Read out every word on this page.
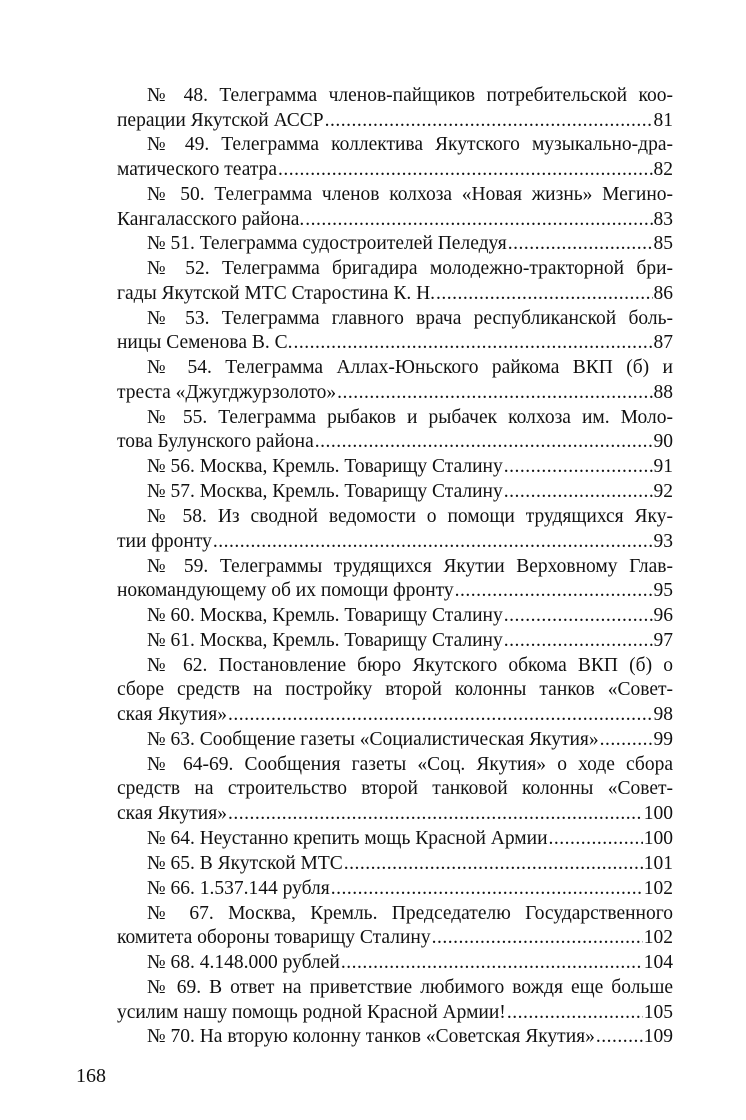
№ 48. Телеграмма членов-пайщиков потребительской коо-
перации Якутской АССР .....	81
№ 49. Телеграмма коллектива Якутского музыкально-дра-
матического театра .....	82
№ 50. Телеграмма членов колхоза «Новая жизнь» Мегино-
Кангаласского района. .....	83
№ 51. Телеграмма судостроителей Пеледуя .....	85
№ 52. Телеграмма бригадира молодежно-тракторной бри-
гады Якутской МТС Старостина К. Н. .....	86
№ 53. Телеграмма главного врача республиканской боль-
ницы Семенова В. С. .....	87
№ 54. Телеграмма Аллах-Юньского райкома ВКП (б) и
треста «Джугджурзолото» .....	88
№ 55. Телеграмма рыбаков и рыбачек колхоза им. Моло-
това Булунского района .....	90
№ 56. Москва, Кремль. Товарищу Сталину .....	91
№ 57. Москва, Кремль. Товарищу Сталину .....	92
№ 58. Из сводной ведомости о помощи трудящихся Яку-
тии фронту .....	93
№ 59. Телеграммы трудящихся Якутии Верховному Глав-
нокомандующему об их помощи фронту .....	95
№ 60. Москва, Кремль. Товарищу Сталину .....	96
№ 61. Москва, Кремль. Товарищу Сталину .....	97
№ 62. Постановление бюро Якутского обкома ВКП (б) о
сборе средств на постройку второй колонны танков «Совет-
ская Якутия» .....	98
№ 63. Сообщение газеты «Социалистическая Якутия» .....	99
№ 64-69. Сообщения газеты «Соц. Якутия» о ходе сбора
средств на строительство второй танковой колонны «Совет-
ская Якутия» .....	100
№ 64. Неустанно крепить мощь Красной Армии .....	100
№ 65. В Якутской МТС .....	101
№ 66. 1.537.144 рубля .....	102
№ 67. Москва, Кремль. Председателю Государственного
комитета обороны товарищу Сталину .....	102
№ 68. 4.148.000 рублей .....	104
№ 69. В ответ на приветствие любимого вождя еще больше
усилим нашу помощь родной Красной Армии! .....	105
№ 70. На вторую колонну танков «Советская Якутия» .....	109
168
